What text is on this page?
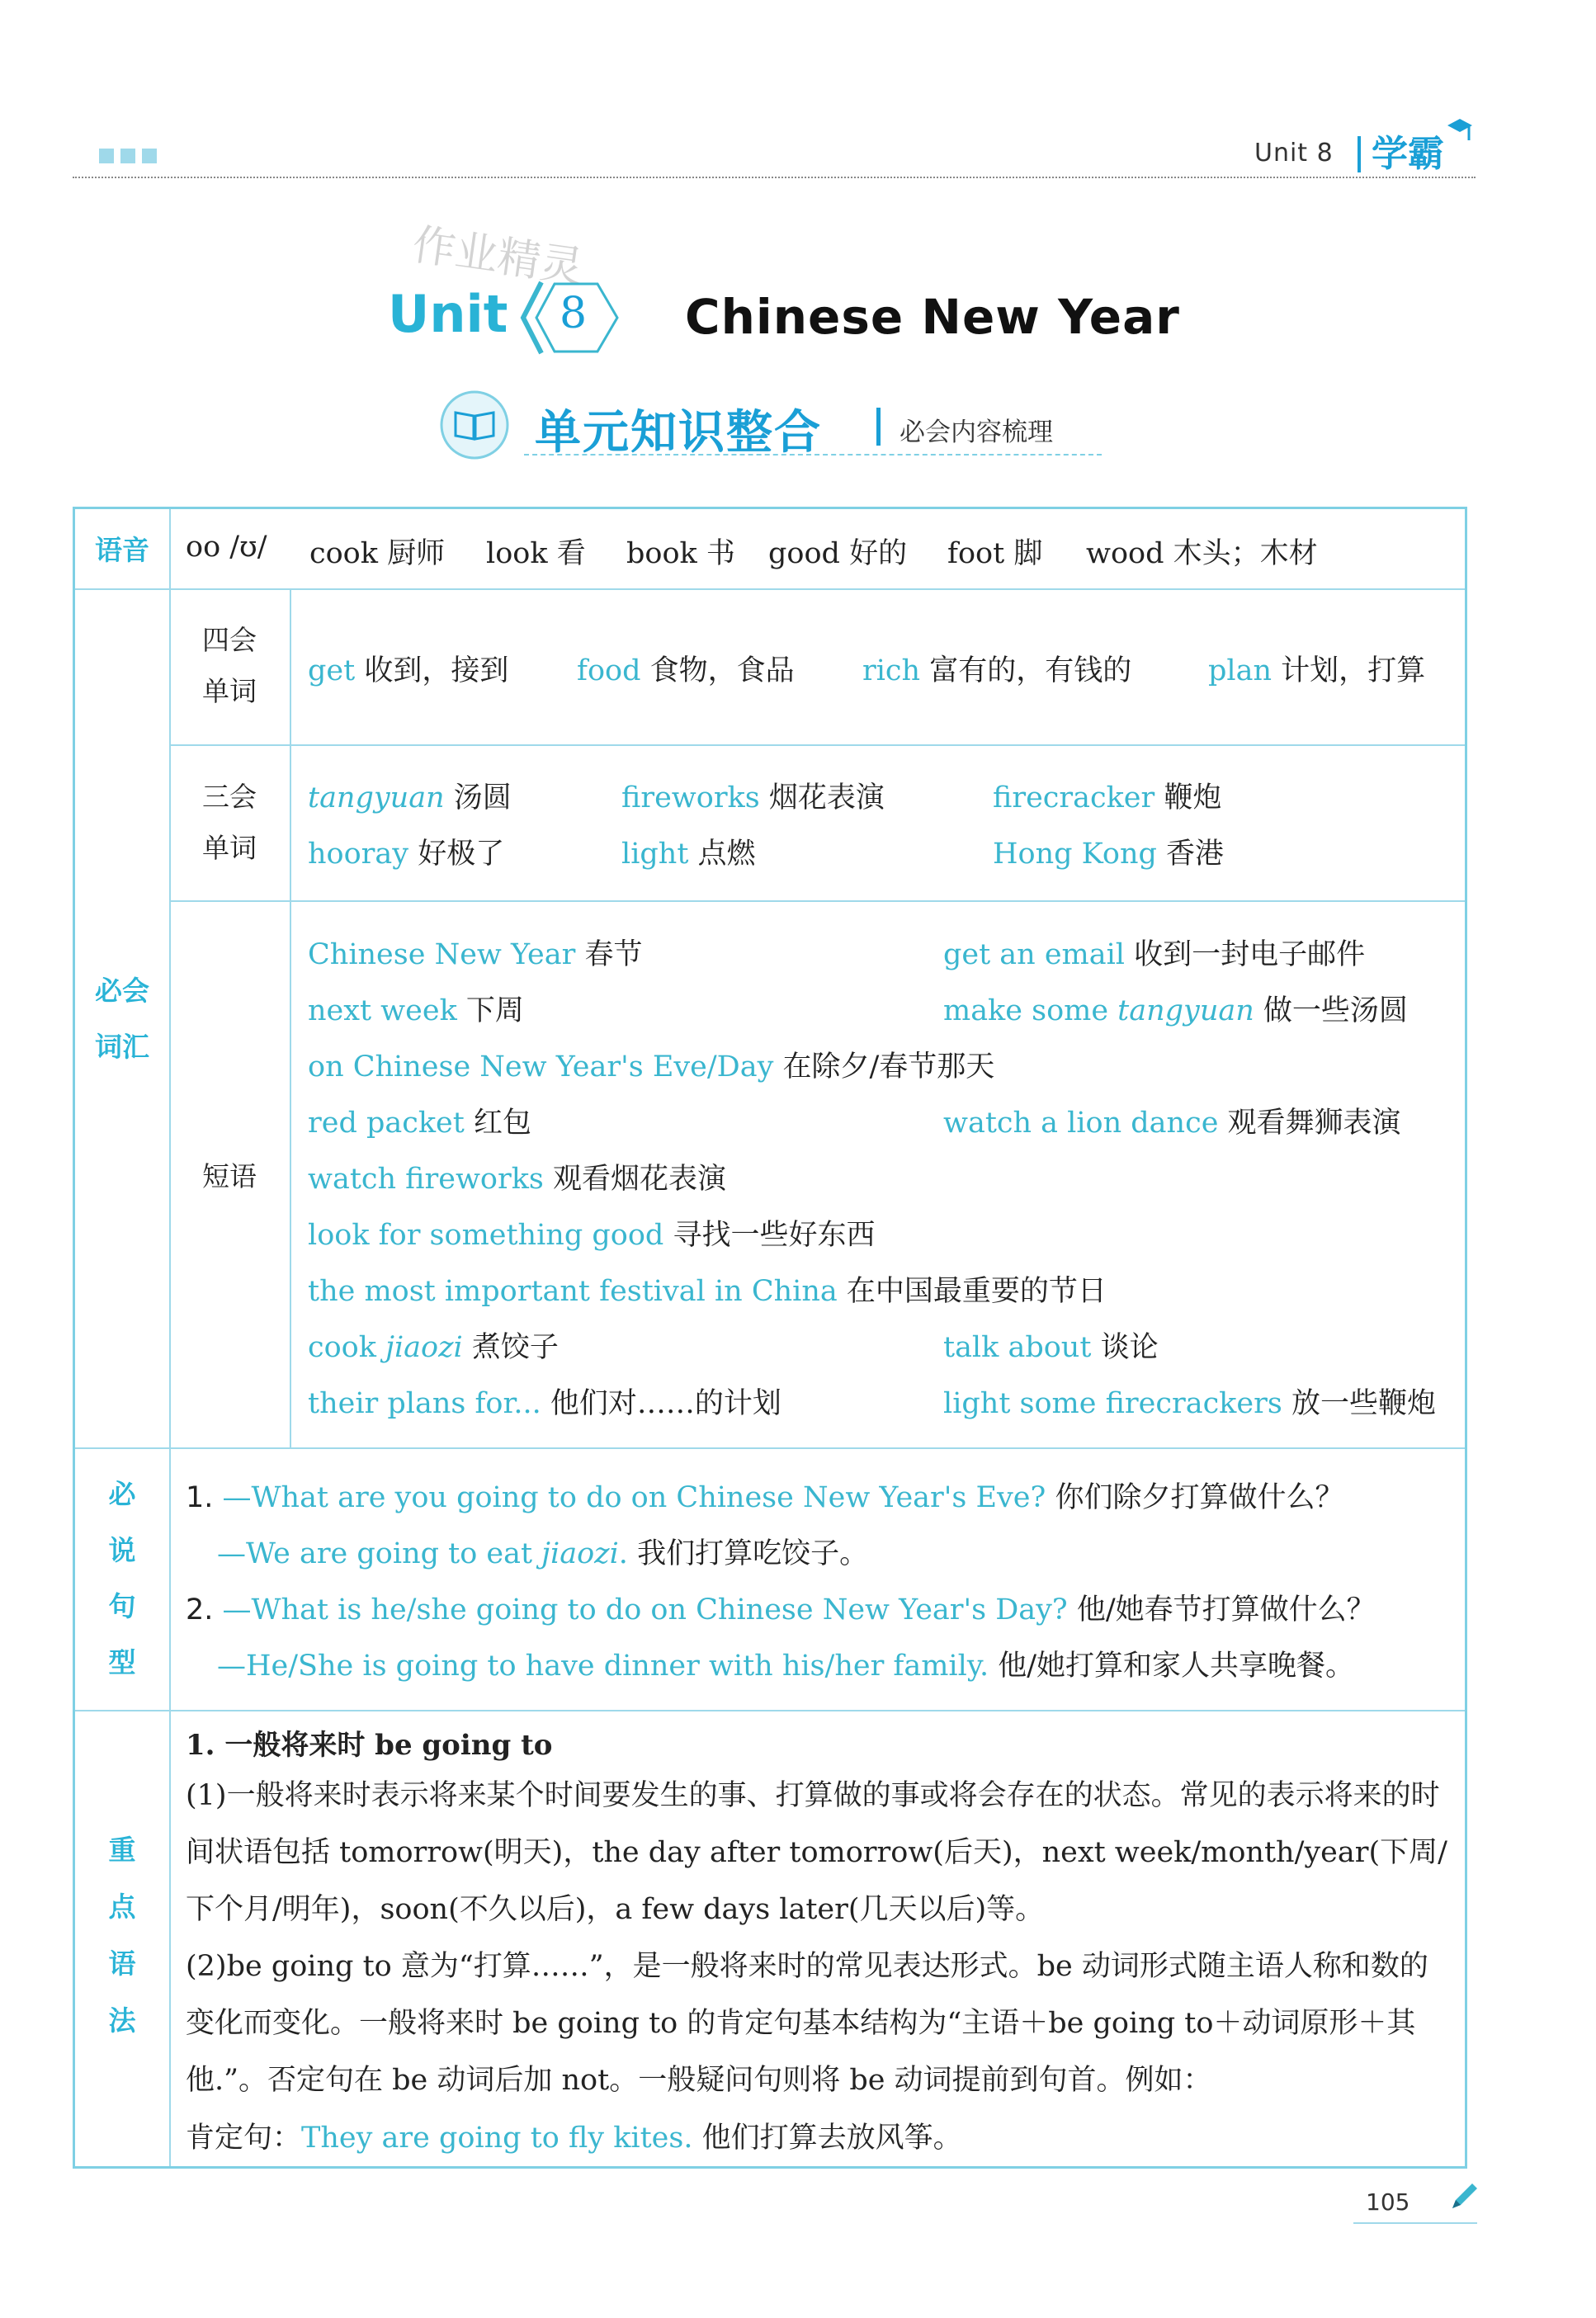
Unit 8 学霸
作业精灵
Unit 8 Chinese New Year
单元知识整合	必会内容梳理
语音	oo /ʊ/ cook 厨师 look 看 book 书 good 好的 foot 脚 wood 木头；木材
必会
词汇
四会
单词
get 收到，接到 food 食物，食品 rich 富有的，有钱的	plan 计划，打算
三会
单词
tangyuan 汤圆	fireworks 烟花表演	firecracker 鞭炮
hooray 好极了	light 点燃	Hong Kong 香港
短语
Chinese New Year 春节	get an email 收到一封电子邮件
next week 下周	make some tangyuan 做一些汤圆
on Chinese New Year's Eve/Day 在除夕/春节那天
red packet 红包	watch a lion dance 观看舞狮表演
watch fireworks 观看烟花表演
look for something good 寻找一些好东西
the most important festival in China 在中国最重要的节日
cook jiaozi 煮饺子	talk about 谈论
their plans for... 他们对……的计划	light some firecrackers 放一些鞭炮
必
说
句
型
1. —What are you going to do on Chinese New Year's Eve? 你们除夕打算做什么？
—We are going to eat jiaozi. 我们打算吃饺子。
2. —What is he/she going to do on Chinese New Year's Day? 他/她春节打算做什么？
—He/She is going to have dinner with his/her family. 他/她打算和家人共享晚餐。
重
点
语
法
1. 一般将来时 be going to
(1)一般将来时表示将来某个时间要发生的事、打算做的事或将会存在的状态。常见的表示将来的时间状语包括 tomorrow(明天)，the day after tomorrow(后天)，next week/month/year(下周/下个月/明年)，soon(不久以后)，a few days later(几天以后)等。
(2)be going to 意为“打算……”，是一般将来时的常见表达形式。be 动词形式随主语人称和数的变化而变化。一般将来时 be going to 的肯定句基本结构为“主语＋be going to＋动词原形＋其他.”。否定句在 be 动词后加 not。一般疑问句则将 be 动词提前到句首。例如：
肯定句：They are going to fly kites. 他们打算去放风筝。
105
